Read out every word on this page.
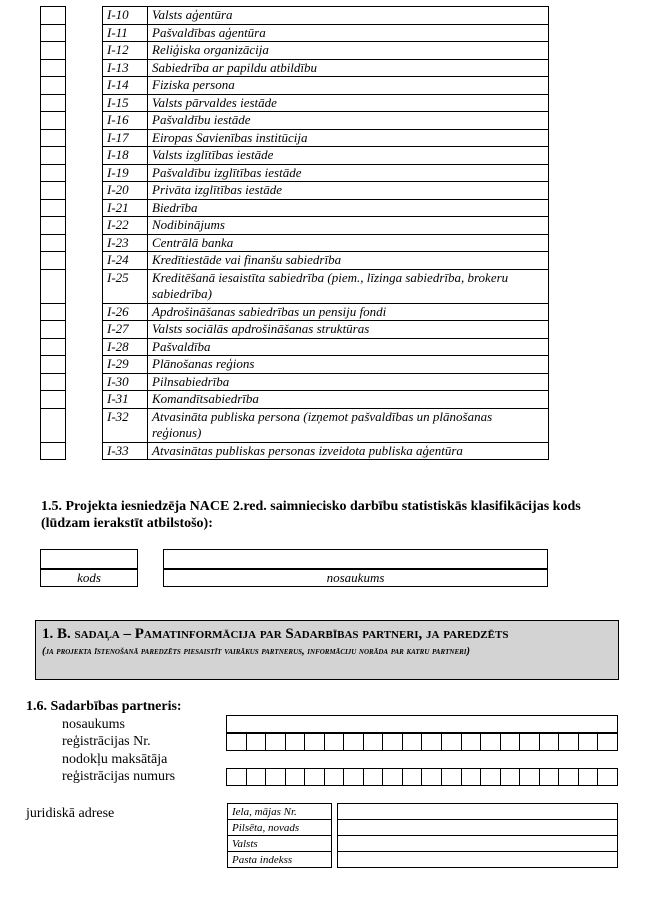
		I-10	Valsts aģentūra
		I-11	Pašvaldības aģentūra
		I-12	Reliģiska organizācija
		I-13	Sabiedrība ar papildu atbildību
		I-14	Fiziska persona
		I-15	Valsts pārvaldes iestāde
		I-16	Pašvaldību iestāde
		I-17	Eiropas Savienības institūcija
		I-18	Valsts izglītības iestāde
		I-19	Pašvaldību izglītības iestāde
		I-20	Privāta izglītības iestāde
		I-21	Biedrība
		I-22	Nodibinājums
		I-23	Centrālā banka
		I-24	Kredītiestāde vai finanšu sabiedrība
		I-25	Kreditēšanā iesaistīta sabiedrība (piem., līzinga sabiedrība, brokeru sabiedrība)
		I-26	Apdrošināšanas sabiedrības un pensiju fondi
		I-27	Valsts sociālās apdrošināšanas struktūras
		I-28	Pašvaldība
		I-29	Plānošanas reģions
		I-30	Pilnsabiedrība
		I-31	Komandītsabiedrība
		I-32	Atvasināta publiska persona (izņemot pašvaldības un plānošanas reģionus)
		I-33	Atvasinātas publiskas personas izveidota publiska aģentūra
1.5. Projekta iesniedzēja NACE 2.red. saimniecisko darbību statistiskās klasifikācijas kods (lūdzam ierakstīt atbilstošo):
kods	nosaukums
1. B. sadaļa – Pamatinformācija par Sadarbības partneri, ja paredzēts
(ja projekta īstenošanā paredzēts piesaistīt vairākus partnerus, informāciju norāda par katru partneri)
1.6. Sadarbības partneris:
nosaukums
reģistrācijas Nr.
nodokļu maksātāja
reģistrācijas numurs
juridiskā adrese	Iela, mājas Nr.		
Pilsēta, novads		
Valsts		
Pasta indekss		
